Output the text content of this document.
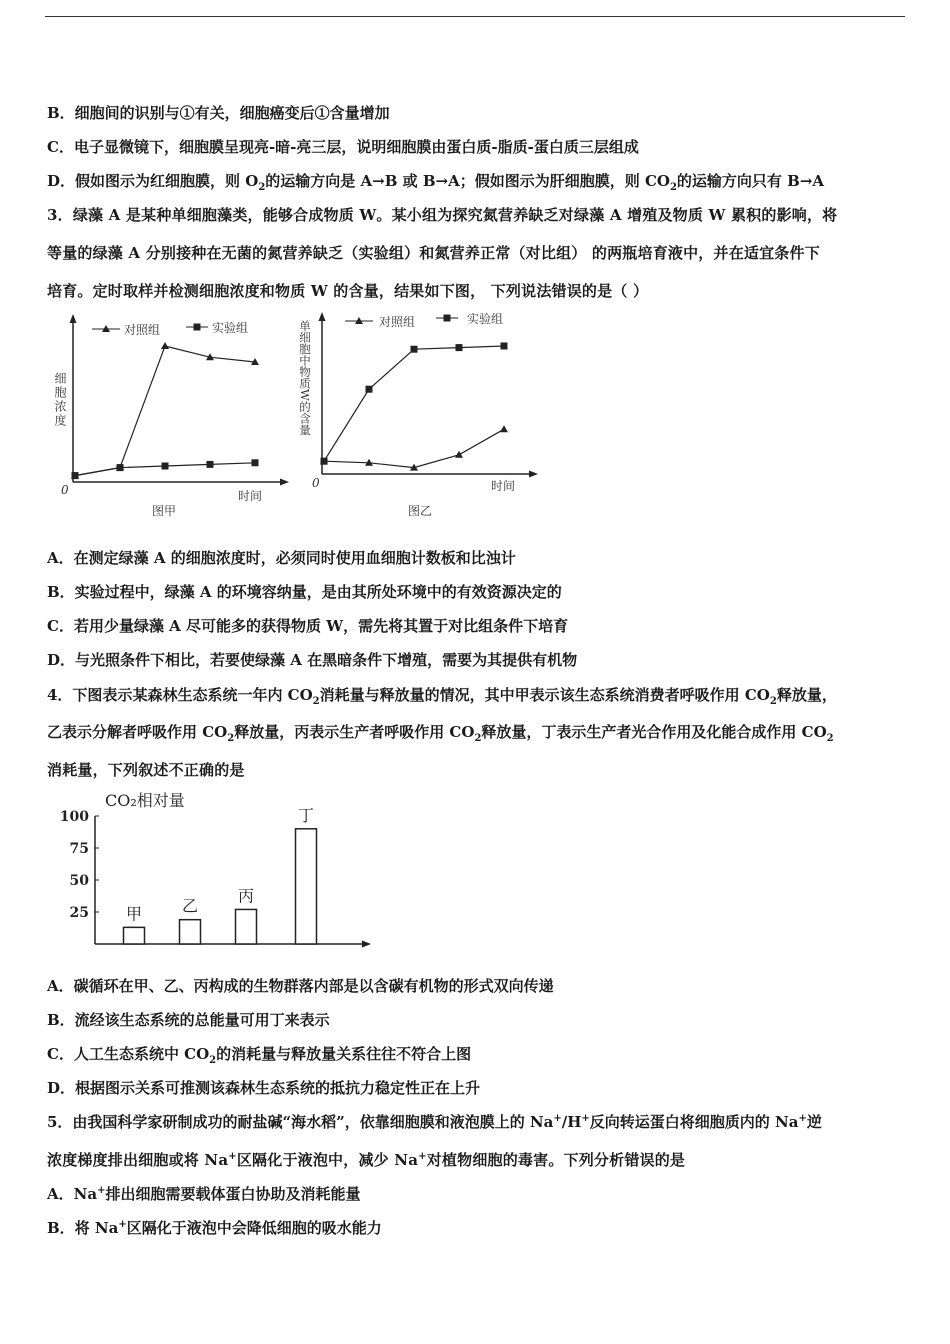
B．细胞间的识别与①有关，细胞癌变后①含量增加
C．电子显微镜下，细胞膜呈现亮-暗-亮三层，说明细胞膜由蛋白质-脂质-蛋白质三层组成
D．假如图示为红细胞膜，则 $O_2$的运输方向是 A→B 或 B→A；假如图示为肝细胞膜，则 $CO_2$的运输方向只有 B→A
3．绿藻 A 是某种单细胞藻类，能够合成物质 W。某小组为探究氮营养缺乏对绿藻 A 增殖及物质 W 累积的影响，将
等量的绿藻 A 分别接种在无菌的氮营养缺乏（实验组）和氮营养正常（对比组） 的两瓶培育液中，并在适宜条件下
培育。定时取样并检测细胞浓度和物质 W 的含量，结果如下图， 下列说法错误的是（ ）
对照组	实验组
细胞浓度
0	时间
图甲
对照组	实验组
单细胞中物质W的含量
0	时间
图乙
A．在测定绿藻 A 的细胞浓度时，必须同时使用血细胞计数板和比浊计
B．实验过程中，绿藻 A 的环境容纳量，是由其所处环境中的有效资源决定的
C．若用少量绿藻 A 尽可能多的获得物质 W，需先将其置于对比组条件下培育
D．与光照条件下相比，若要使绿藻 A 在黑暗条件下增殖，需要为其提供有机物
4．下图表示某森林生态系统一年内 $CO_2$消耗量与释放量的情况，其中甲表示该生态系统消费者呼吸作用 $CO_2$释放量，
乙表示分解者呼吸作用 $CO_2$释放量，丙表示生产者呼吸作用 $CO_2$释放量，丁表示生产者光合作用及化能合成作用 $CO_2$
消耗量，下列叙述不正确的是
CO₂相对量
25
50
75
100
甲 乙
丙
丁
A．碳循环在甲、乙、丙构成的生物群落内部是以含碳有机物的形式双向传递
B．流经该生态系统的总能量可用丁来表示
C．人工生态系统中 $CO_2$的消耗量与释放量关系往往不符合上图
D．根据图示关系可推测该森林生态系统的抵抗力稳定性正在上升
5．由我国科学家研制成功的耐盐碱“海水稻”，依靠细胞膜和液泡膜上的 Na+/H+反向转运蛋白将细胞质内的 Na+逆
浓度梯度排出细胞或将 Na+区隔化于液泡中，减少 Na+对植物细胞的毒害。下列分析错误的是
A．Na+排出细胞需要载体蛋白协助及消耗能量
B．将 Na+区隔化于液泡中会降低细胞的吸水能力
